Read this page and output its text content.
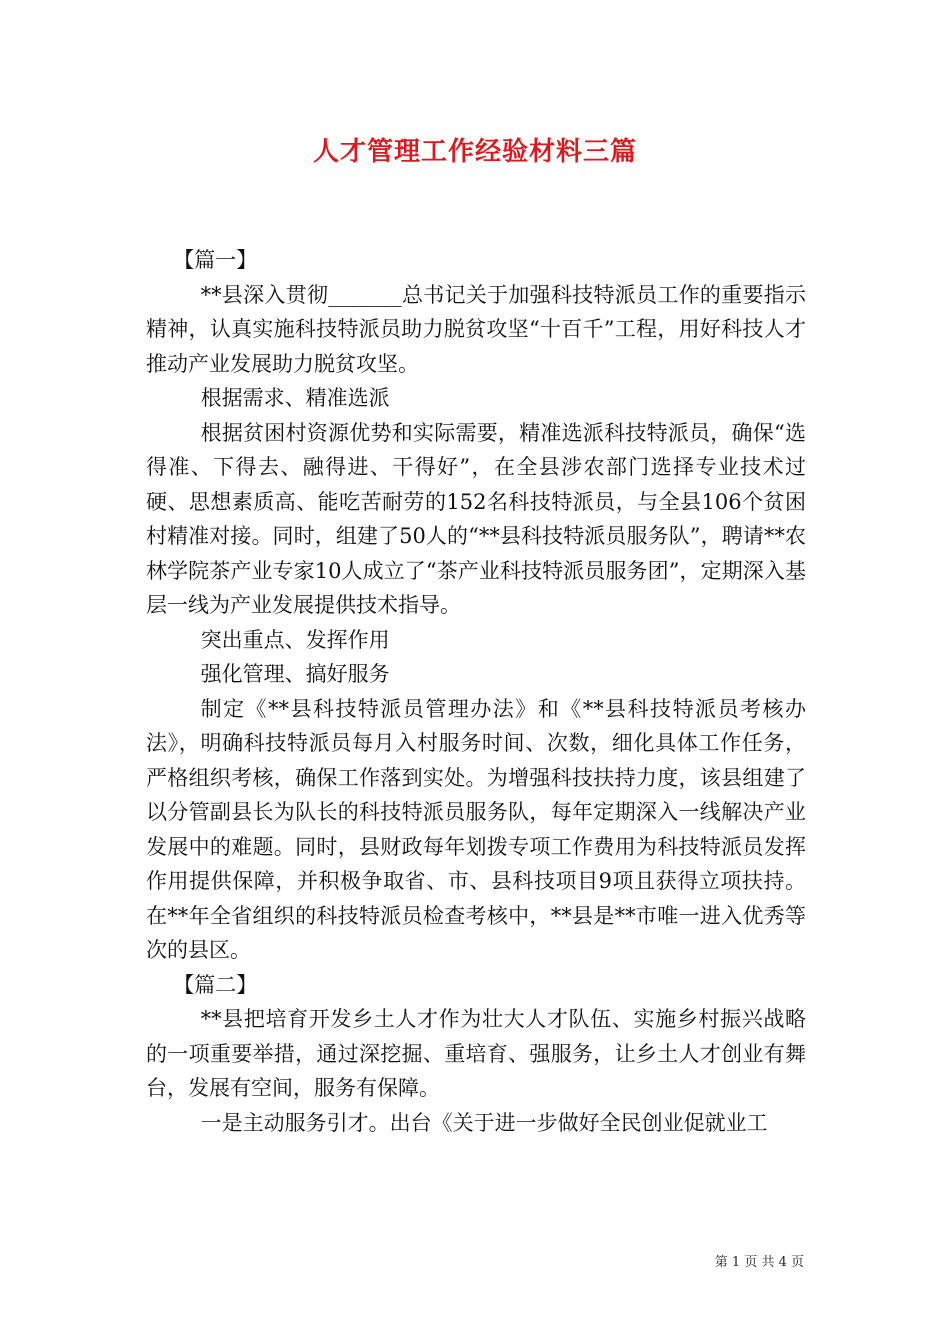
人才管理工作经验材料三篇

【篇一】

**县深入贯彻_______总书记关于加强科技特派员工作的重要指示精神，认真实施科技特派员助力脱贫攻坚“十百千”工程，用好科技人才推动产业发展助力脱贫攻坚。

根据需求、精准选派

根据贫困村资源优势和实际需要，精准选派科技特派员，确保“选得准、下得去、融得进、干得好”，在全县涉农部门选择专业技术过硬、思想素质高、能吃苦耐劳的152名科技特派员，与全县106个贫困村精准对接。同时，组建了50人的“**县科技特派员服务队”，聘请**农林学院茶产业专家10人成立了“茶产业科技特派员服务团”，定期深入基层一线为产业发展提供技术指导。

突出重点、发挥作用

强化管理、搞好服务

制定《**县科技特派员管理办法》和《**县科技特派员考核办法》，明确科技特派员每月入村服务时间、次数，细化具体工作任务，严格组织考核，确保工作落到实处。为增强科技扶持力度，该县组建了以分管副县长为队长的科技特派员服务队，每年定期深入一线解决产业发展中的难题。同时，县财政每年划拨专项工作费用为科技特派员发挥作用提供保障，并积极争取省、市、县科技项目9项且获得立项扶持。在**年全省组织的科技特派员检查考核中，**县是**市唯一进入优秀等次的县区。

【篇二】

**县把培育开发乡土人才作为壮大人才队伍、实施乡村振兴战略的一项重要举措，通过深挖掘、重培育、强服务，让乡土人才创业有舞台，发展有空间，服务有保障。

一是主动服务引才。出台《关于进一步做好全民创业促就业工

第 1 页 共 4 页
